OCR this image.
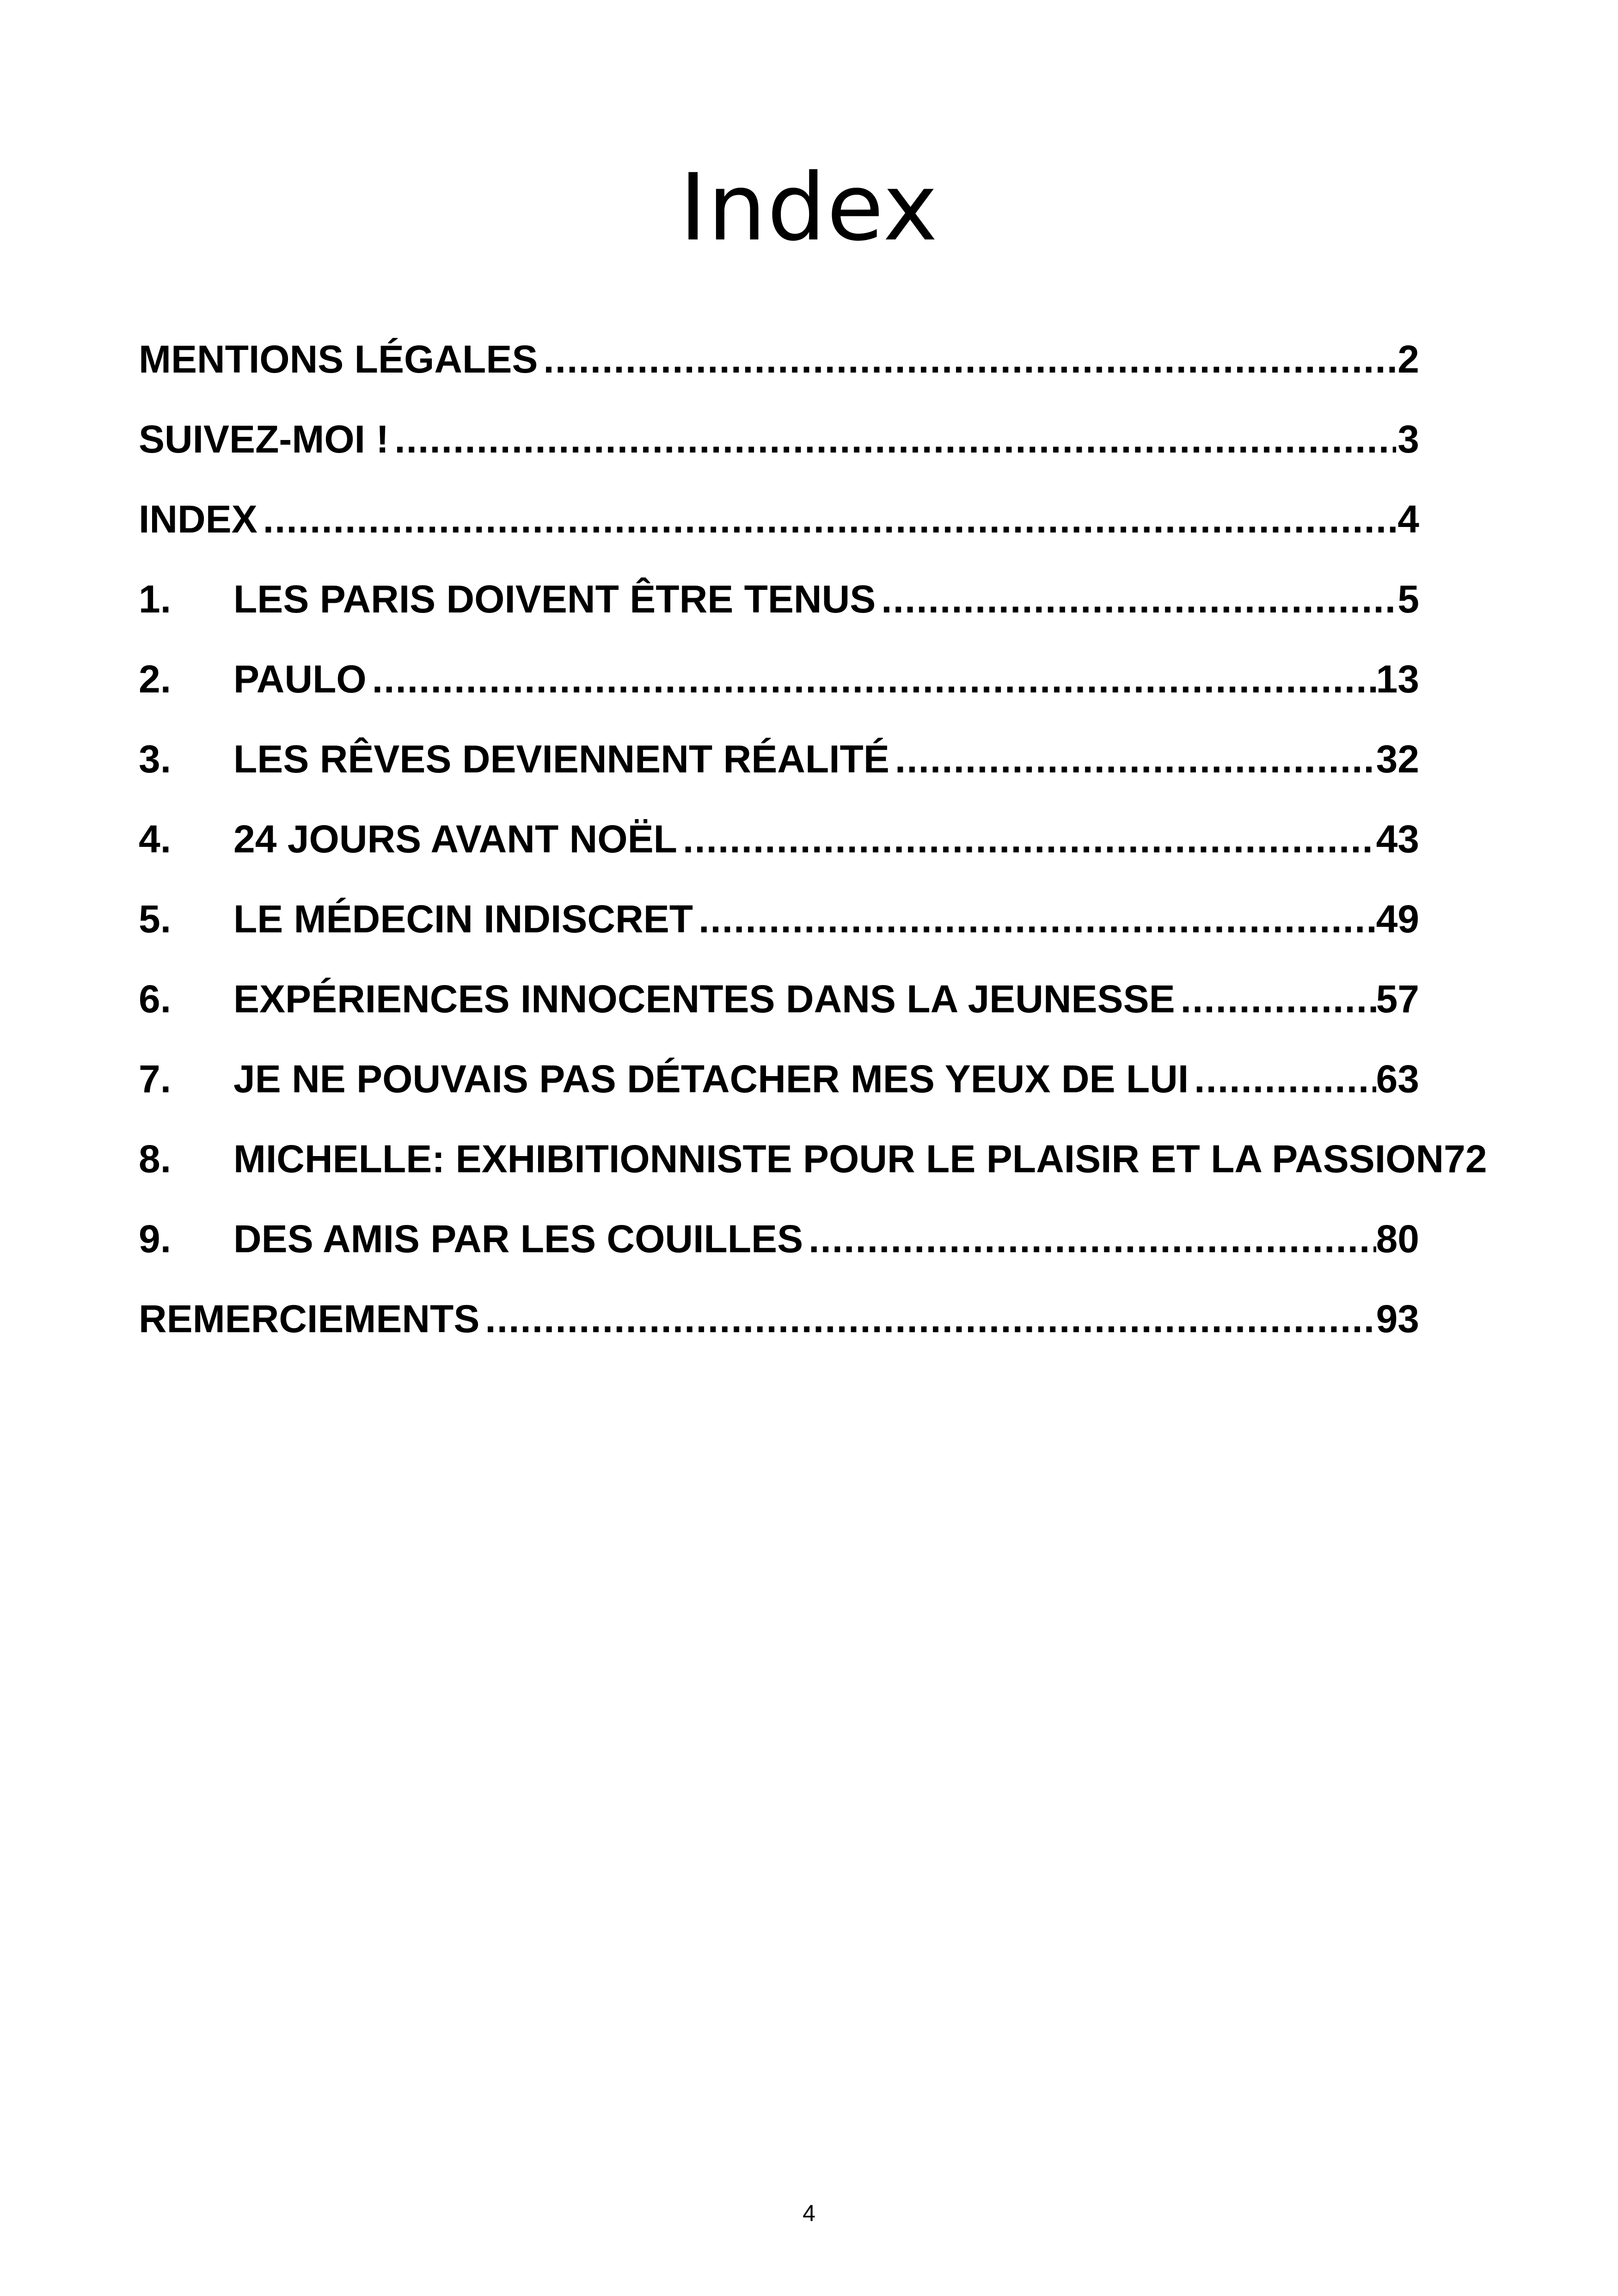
Index
MENTIONS LÉGALES .....	2
SUIVEZ-MOI ! .....	3
INDEX .....	4
1.	LES PARIS DOIVENT ÊTRE TENUS .....	5
2.	PAULO .....	13
3.	LES RÊVES DEVIENNENT RÉALITÉ .....	32
4.	24 JOURS AVANT NOËL .....	43
5.	LE MÉDECIN INDISCRET .....	49
6.	EXPÉRIENCES INNOCENTES DANS LA JEUNESSE .....	57
7.	JE NE POUVAIS PAS DÉTACHER MES YEUX DE LUI .....	63
8.	MICHELLE: EXHIBITIONNISTE POUR LE PLAISIR ET LA PASSION 72
9.	DES AMIS PAR LES COUILLES .....	80
REMERCIEMENTS .....	93
4
